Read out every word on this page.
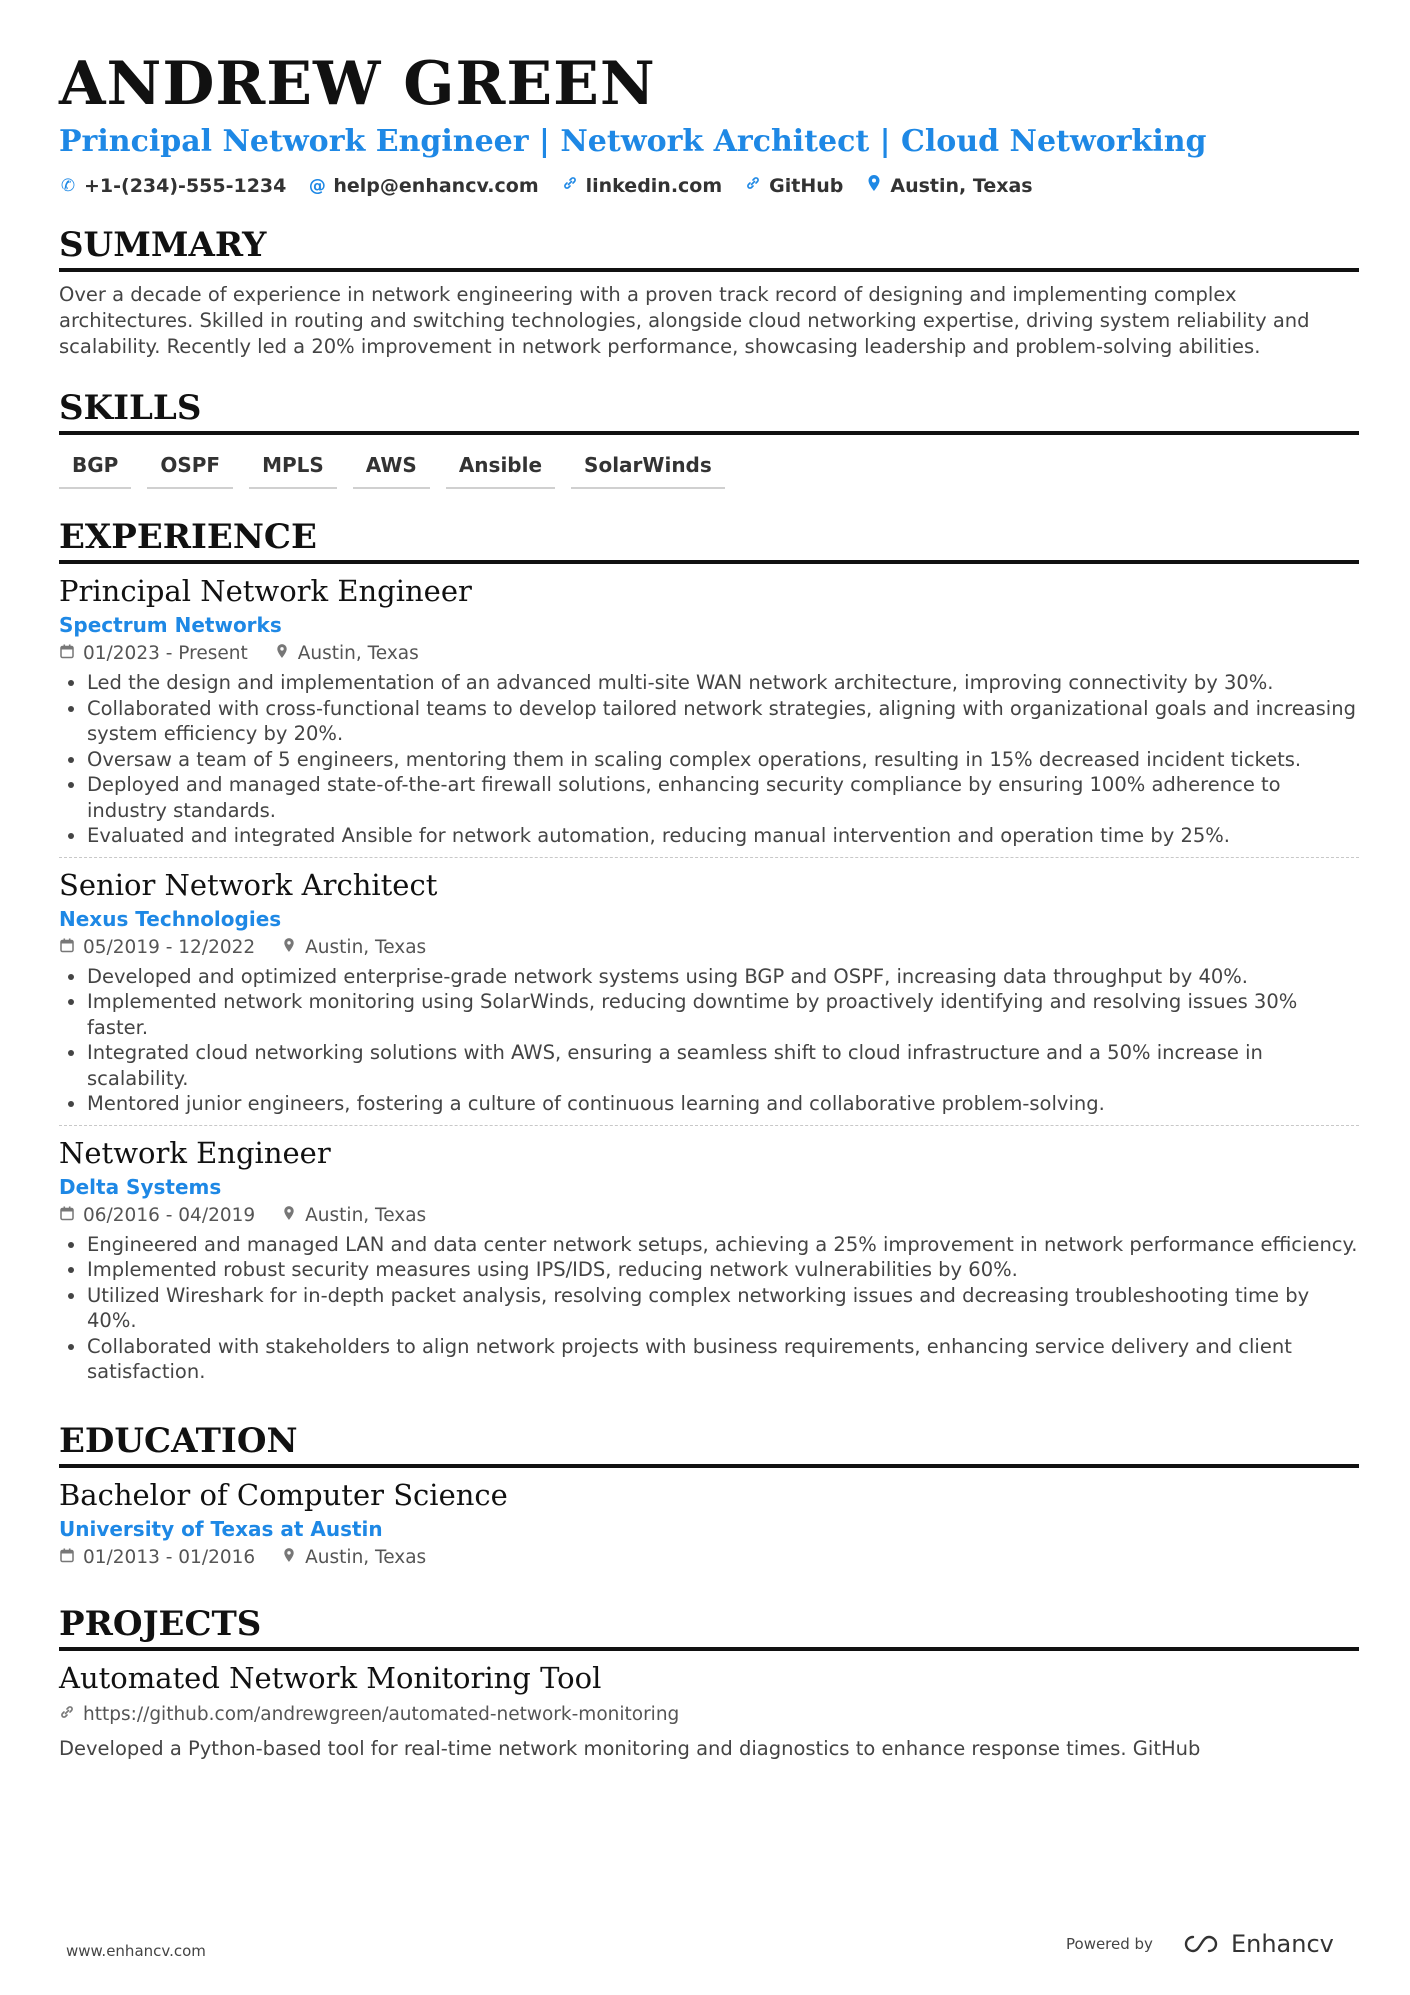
ANDREW GREEN
Principal Network Engineer | Network Architect | Cloud Networking
✆ +1-(234)-555-1234 @ help@enhancv.com linkedin.com GitHub Austin, Texas
SUMMARY
Over a decade of experience in network engineering with a proven track record of designing and implementing complex architectures. Skilled in routing and switching technologies, alongside cloud networking expertise, driving system reliability and scalability. Recently led a 20% improvement in network performance, showcasing leadership and problem-solving abilities.
SKILLS
BGP	OSPF	MPLS	AWS	Ansible	SolarWinds
EXPERIENCE
Principal Network Engineer
Spectrum Networks
01/2023 - Present	Austin, Texas
• Led the design and implementation of an advanced multi-site WAN network architecture, improving connectivity by 30%.
• Collaborated with cross-functional teams to develop tailored network strategies, aligning with organizational goals and increasing system efficiency by 20%.
• Oversaw a team of 5 engineers, mentoring them in scaling complex operations, resulting in 15% decreased incident tickets.
• Deployed and managed state-of-the-art firewall solutions, enhancing security compliance by ensuring 100% adherence to industry standards.
• Evaluated and integrated Ansible for network automation, reducing manual intervention and operation time by 25%.
Senior Network Architect
Nexus Technologies
05/2019 - 12/2022	Austin, Texas
• Developed and optimized enterprise-grade network systems using BGP and OSPF, increasing data throughput by 40%.
• Implemented network monitoring using SolarWinds, reducing downtime by proactively identifying and resolving issues 30% faster.
• Integrated cloud networking solutions with AWS, ensuring a seamless shift to cloud infrastructure and a 50% increase in scalability.
• Mentored junior engineers, fostering a culture of continuous learning and collaborative problem-solving.
Network Engineer
Delta Systems
06/2016 - 04/2019	Austin, Texas
• Engineered and managed LAN and data center network setups, achieving a 25% improvement in network performance efficiency.
• Implemented robust security measures using IPS/IDS, reducing network vulnerabilities by 60%.
• Utilized Wireshark for in-depth packet analysis, resolving complex networking issues and decreasing troubleshooting time by 40%.
• Collaborated with stakeholders to align network projects with business requirements, enhancing service delivery and client satisfaction.
EDUCATION
Bachelor of Computer Science
University of Texas at Austin
01/2013 - 01/2016	Austin, Texas
PROJECTS
Automated Network Monitoring Tool
https://github.com/andrewgreen/automated-network-monitoring
Developed a Python-based tool for real-time network monitoring and diagnostics to enhance response times. GitHub
www.enhancv.com	Powered by	Enhancv
